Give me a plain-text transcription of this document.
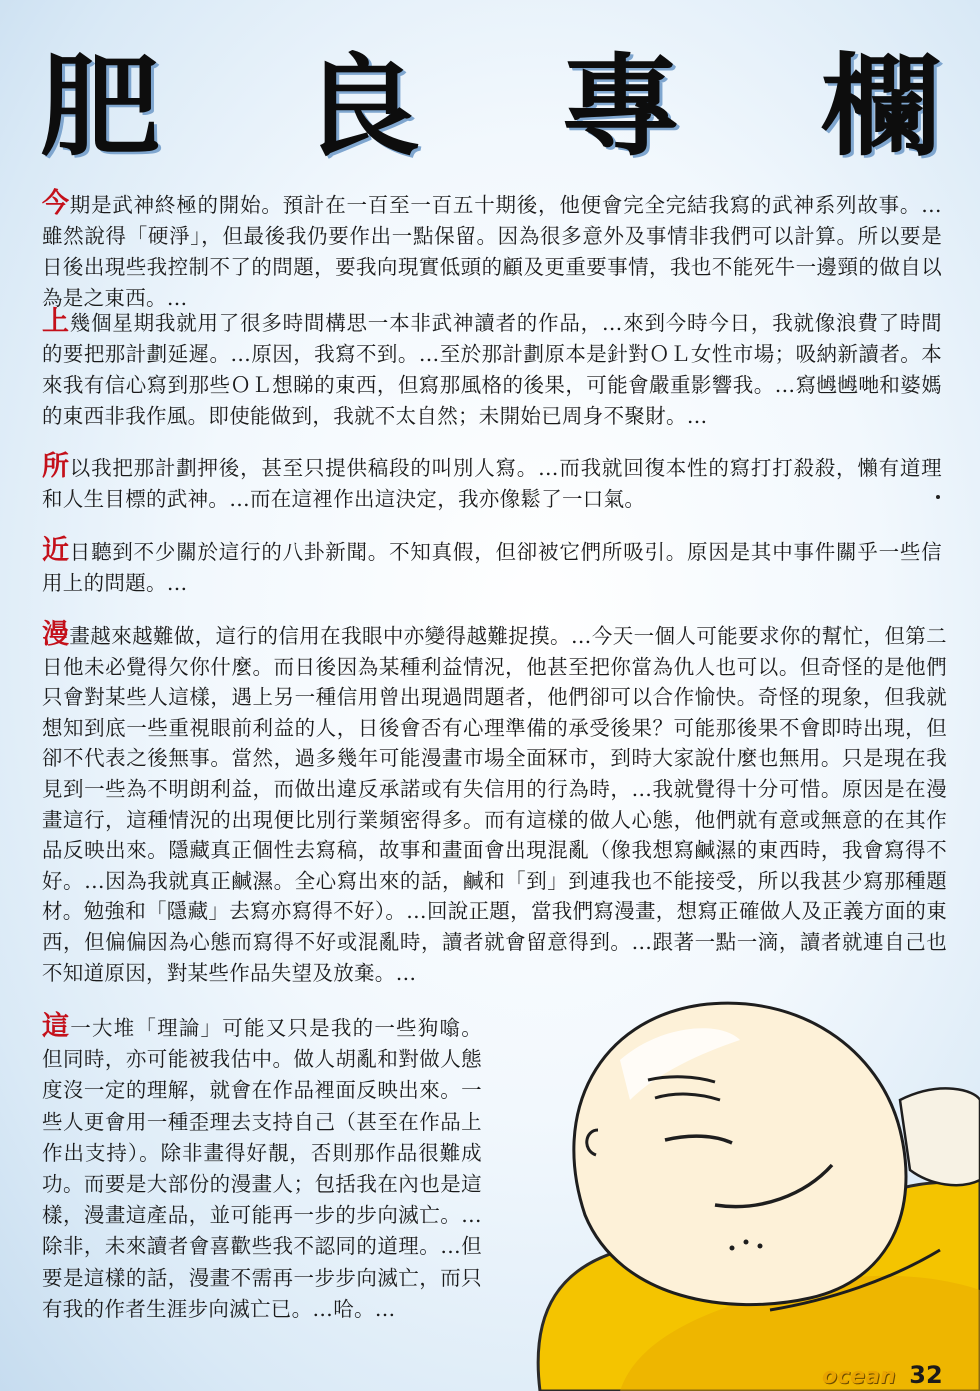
肥 良 專 欄

今期是武神終極的開始。預計在一百至一百五十期後，他便會完全完結我寫的武神系列故事。…雖然說得「硬淨」，但最後我仍要作出一點保留。因為很多意外及事情非我們可以計算。所以要是日後出現些我控制不了的問題，要我向現實低頭的顧及更重要事情，我也不能死牛一邊頸的做自以為是之東西。…

上幾個星期我就用了很多時間構思一本非武神讀者的作品，…來到今時今日，我就像浪費了時間的要把那計劃延遲。…原因，我寫不到。…至於那計劃原本是針對ＯＬ女性市場；吸納新讀者。本來我有信心寫到那些ＯＬ想睇的東西，但寫那風格的後果，可能會嚴重影響我。…寫乸乸哋和婆媽的東西非我作風。即使能做到，我就不太自然；未開始已周身不聚財。…

所以我把那計劃押後，甚至只提供稿段的叫別人寫。…而我就回復本性的寫打打殺殺，懶有道理和人生目標的武神。…而在這裡作出這決定，我亦像鬆了一口氣。

近日聽到不少關於這行的八卦新聞。不知真假，但卻被它們所吸引。原因是其中事件關乎一些信用上的問題。…

漫畫越來越難做，這行的信用在我眼中亦變得越難捉摸。…今天一個人可能要求你的幫忙，但第二日他未必覺得欠你什麼。而日後因為某種利益情況，他甚至把你當為仇人也可以。但奇怪的是他們只會對某些人這樣，遇上另一種信用曾出現過問題者，他們卻可以合作愉快。奇怪的現象，但我就想知到底一些重視眼前利益的人，日後會否有心理準備的承受後果？可能那後果不會即時出現，但卻不代表之後無事。當然，過多幾年可能漫畫市場全面冧市，到時大家說什麼也無用。只是現在我見到一些為不明朗利益，而做出違反承諾或有失信用的行為時，…我就覺得十分可惜。原因是在漫畫這行，這種情況的出現便比別行業頻密得多。而有這樣的做人心態，他們就有意或無意的在其作品反映出來。隱藏真正個性去寫稿，故事和畫面會出現混亂（像我想寫鹹濕的東西時，我會寫得不好。…因為我就真正鹹濕。全心寫出來的話，鹹和「到」到連我也不能接受，所以我甚少寫那種題材。勉強和「隱藏」去寫亦寫得不好）。…回說正題，當我們寫漫畫，想寫正確做人及正義方面的東西，但偏偏因為心態而寫得不好或混亂時，讀者就會留意得到。…跟著一點一滴，讀者就連自己也不知道原因，對某些作品失望及放棄。…

這一大堆「理論」可能又只是我的一些狗噏。但同時，亦可能被我估中。做人胡亂和對做人態度沒一定的理解，就會在作品裡面反映出來。一些人更會用一種歪理去支持自己（甚至在作品上作出支持）。除非畫得好靚，否則那作品很難成功。而要是大部份的漫畫人；包括我在內也是這樣，漫畫這產品，並可能再一步的步向滅亡。…除非，未來讀者會喜歡些我不認同的道理。…但要是這樣的話，漫畫不需再一步步向滅亡，而只有我的作者生涯步向滅亡已。…哈。…

ocean 32
